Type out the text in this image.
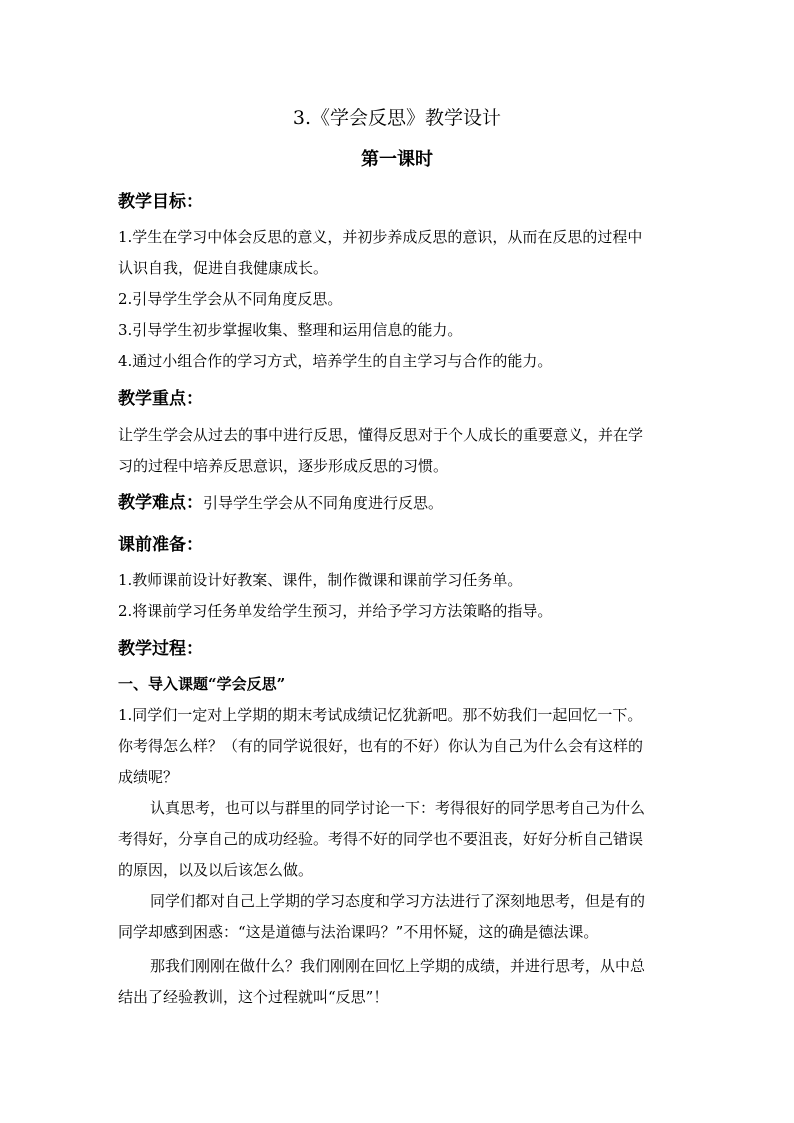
3.《学会反思》教学设计
第一课时
教学目标：
1.学生在学习中体会反思的意义，并初步养成反思的意识，从而在反思的过程中
认识自我，促进自我健康成长。
2.引导学生学会从不同角度反思。
3.引导学生初步掌握收集、整理和运用信息的能力。
4.通过小组合作的学习方式，培养学生的自主学习与合作的能力。
教学重点：
让学生学会从过去的事中进行反思，懂得反思对于个人成长的重要意义，并在学
习的过程中培养反思意识，逐步形成反思的习惯。
教学难点：引导学生学会从不同角度进行反思。
课前准备：
1.教师课前设计好教案、课件，制作微课和课前学习任务单。
2.将课前学习任务单发给学生预习，并给予学习方法策略的指导。
教学过程：
一、导入课题“学会反思”
1.同学们一定对上学期的期末考试成绩记忆犹新吧。那不妨我们一起回忆一下。
你考得怎么样？（有的同学说很好，也有的不好）你认为自己为什么会有这样的
成绩呢？
认真思考，也可以与群里的同学讨论一下：考得很好的同学思考自己为什么
考得好，分享自己的成功经验。考得不好的同学也不要沮丧，好好分析自己错误
的原因，以及以后该怎么做。
同学们都对自己上学期的学习态度和学习方法进行了深刻地思考，但是有的
同学却感到困惑：“这是道德与法治课吗？”不用怀疑，这的确是德法课。
那我们刚刚在做什么？我们刚刚在回忆上学期的成绩，并进行思考，从中总
结出了经验教训，这个过程就叫“反思”！
